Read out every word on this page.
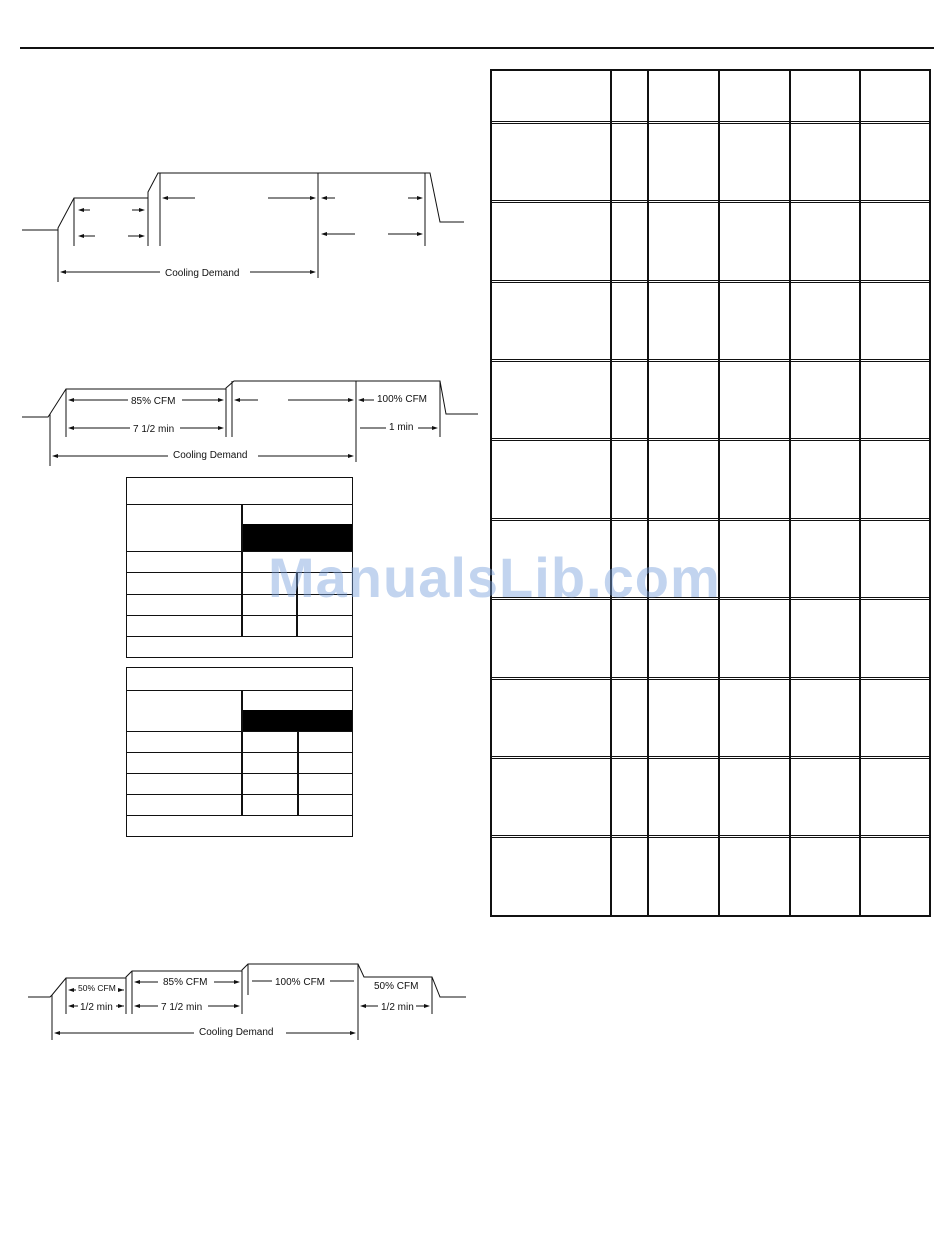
Cooling Demand
85% CFM
7 1/2 min
100% CFM
1 min
Cooling Demand
50% CFM
1/2 min
85% CFM
7 1/2 min
100% CFM	50% CFM
1/2 min
Cooling Demand
ManualsLib.com
